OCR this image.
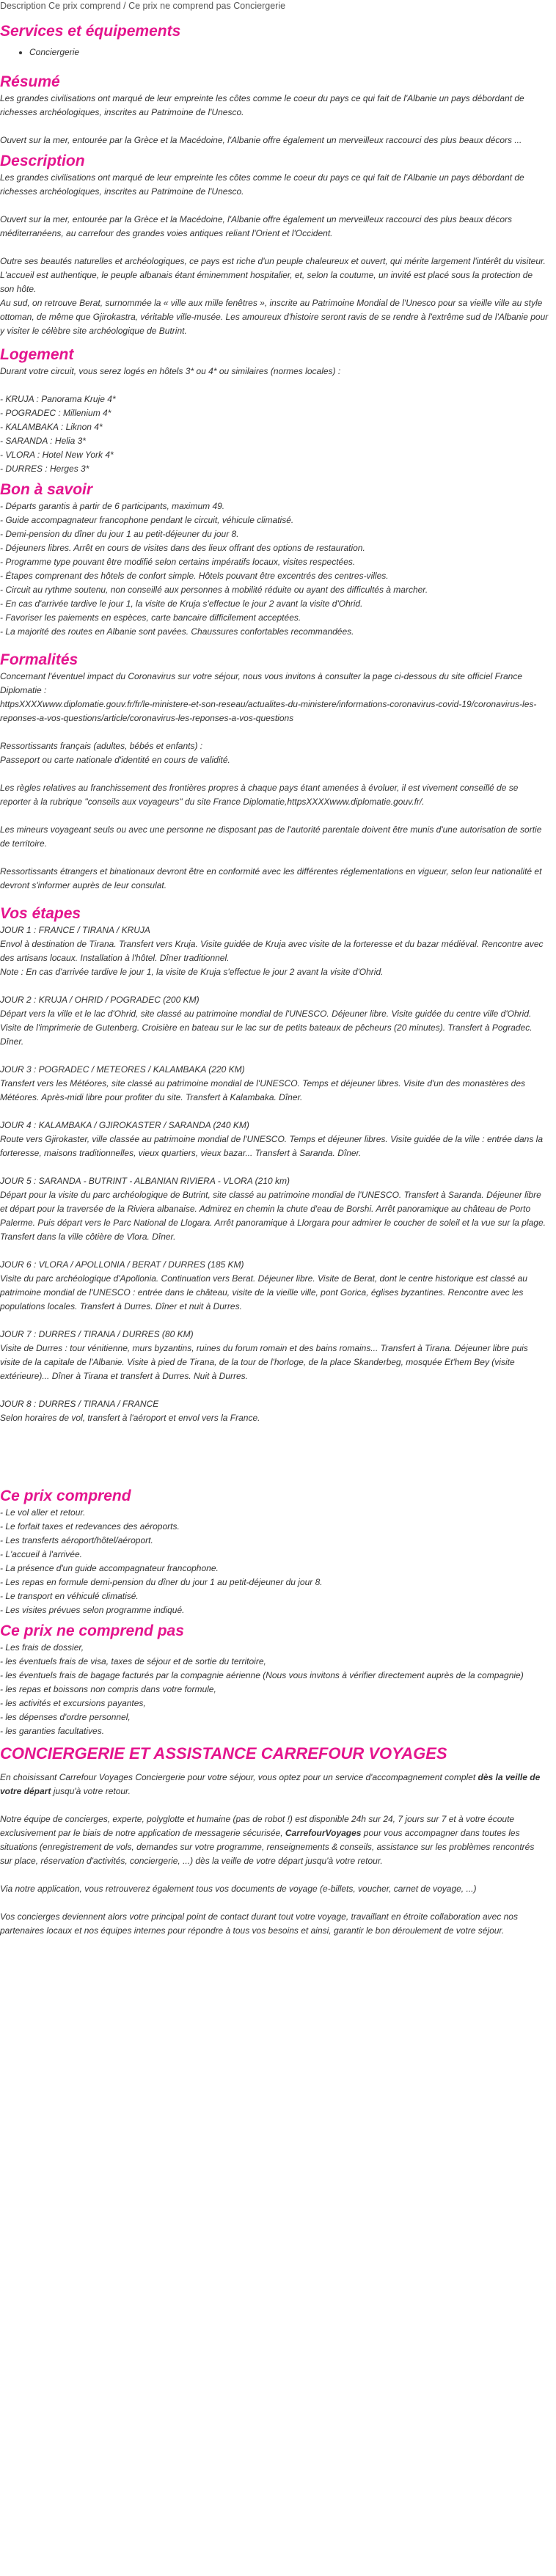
Description Ce prix comprend / Ce prix ne comprend pas Conciergerie
Services et équipements
• Conciergerie
Résumé

Les grandes civilisations ont marqué de leur empreinte les côtes comme le coeur du pays ce qui fait de l'Albanie un pays débordant de richesses archéologiques, inscrites au Patrimoine de l'Unesco.

Ouvert sur la mer, entourée par la Grèce et la Macédoine, l'Albanie offre également un merveilleux raccourci des plus beaux décors ...

Description

Les grandes civilisations ont marqué de leur empreinte les côtes comme le coeur du pays ce qui fait de l'Albanie un pays débordant de richesses archéologiques, inscrites au Patrimoine de l'Unesco.

Ouvert sur la mer, entourée par la Grèce et la Macédoine, l'Albanie offre également un merveilleux raccourci des plus beaux décors méditerranéens, au carrefour des grandes voies antiques reliant l'Orient et l'Occident.

Outre ses beautés naturelles et archéologiques, ce pays est riche d'un peuple chaleureux et ouvert, qui mérite largement l'intérêt du visiteur. L'accueil est authentique, le peuple albanais étant éminemment hospitalier, et, selon la coutume, un invité est placé sous la protection de son hôte.

Au sud, on retrouve Berat, surnommée la « ville aux mille fenêtres », inscrite au Patrimoine Mondial de l'Unesco pour sa vieille ville au style ottoman, de même que Gjirokastra, véritable ville-musée. Les amoureux d'histoire seront ravis de se rendre à l'extrême sud de l'Albanie pour y visiter le célèbre site archéologique de Butrint.

Logement

Durant votre circuit, vous serez logés en hôtels 3* ou 4* ou similaires (normes locales) :

- KRUJA : Panorama Kruje 4*
- POGRADEC : Millenium 4*
- KALAMBAKA : Liknon 4*
- SARANDA : Helia 3*
- VLORA : Hotel New York 4*
- DURRES : Herges 3*
Bon à savoir
- Départs garantis à partir de 6 participants, maximum 49.
- Guide accompagnateur francophone pendant le circuit, véhicule climatisé.
- Demi-pension du dîner du jour 1 au petit-déjeuner du jour 8.
- Déjeuners libres. Arrêt en cours de visites dans des lieux offrant des options de restauration.
- Programme type pouvant être modifié selon certains impératifs locaux, visites respectées.
- Étapes comprenant des hôtels de confort simple. Hôtels pouvant être excentrés des centres-villes.
- Circuit au rythme soutenu, non conseillé aux personnes à mobilité réduite ou ayant des difficultés à marcher.
- En cas d'arrivée tardive le jour 1, la visite de Kruja s'effectue le jour 2 avant la visite d'Ohrid.
- Favoriser les paiements en espèces, carte bancaire difficilement acceptées.
- La majorité des routes en Albanie sont pavées. Chaussures confortables recommandées.
Formalités

Concernant l'éventuel impact du Coronavirus sur votre séjour, nous vous invitons à consulter la page ci-dessous du site officiel France Diplomatie :

httpsXXXXwww.diplomatie.gouv.fr/fr/le-ministere-et-son-reseau/actualites-du-ministere/informations-coronavirus-covid-19/coronavirus-les-reponses-a-vos-questions/article/coronavirus-les-reponses-a-vos-questions

Ressortissants français (adultes, bébés et enfants) :

Passeport ou carte nationale d'identité en cours de validité.

Les règles relatives au franchissement des frontières propres à chaque pays étant amenées à évoluer, il est vivement conseillé de se reporter à la rubrique "conseils aux voyageurs" du site France Diplomatie,httpsXXXXwww.diplomatie.gouv.fr/.

Les mineurs voyageant seuls ou avec une personne ne disposant pas de l'autorité parentale doivent être munis d'une autorisation de sortie de territoire.

Ressortissants étrangers et binationaux devront être en conformité avec les différentes réglementations en vigueur, selon leur nationalité et devront s'informer auprès de leur consulat.

Vos étapes

JOUR 1 : FRANCE / TIRANA / KRUJA

Envol à destination de Tirana. Transfert vers Kruja. Visite guidée de Kruja avec visite de la forteresse et du bazar médiéval. Rencontre avec des artisans locaux. Installation à l'hôtel. Dîner traditionnel.

Note : En cas d'arrivée tardive le jour 1, la visite de Kruja s'effectue le jour 2 avant la visite d'Ohrid.

JOUR 2 : KRUJA / OHRID / POGRADEC (200 KM)

Départ vers la ville et le lac d'Ohrid, site classé au patrimoine mondial de l'UNESCO. Déjeuner libre. Visite guidée du centre ville d'Ohrid. Visite de l'imprimerie de Gutenberg. Croisière en bateau sur le lac sur de petits bateaux de pêcheurs (20 minutes). Transfert à Pogradec. Dîner.

JOUR 3 : POGRADEC / METEORES / KALAMBAKA (220 KM)

Transfert vers les Météores, site classé au patrimoine mondial de l'UNESCO. Temps et déjeuner libres. Visite d'un des monastères des Météores. Après-midi libre pour profiter du site. Transfert à Kalambaka. Dîner.

JOUR 4 : KALAMBAKA / GJIROKASTER / SARANDA (240 KM)

Route vers Gjirokaster, ville classée au patrimoine mondial de l'UNESCO. Temps et déjeuner libres. Visite guidée de la ville : entrée dans la forteresse, maisons traditionnelles, vieux quartiers, vieux bazar... Transfert à Saranda. Dîner.

JOUR 5 : SARANDA - BUTRINT - ALBANIAN RIVIERA - VLORA (210 km)

Départ pour la visite du parc archéologique de Butrint, site classé au patrimoine mondial de l'UNESCO. Transfert à Saranda. Déjeuner libre et départ pour la traversée de la Riviera albanaise. Admirez en chemin la chute d'eau de Borshi. Arrêt panoramique au château de Porto Palerme. Puis départ vers le Parc National de Llogara. Arrêt panoramique à Llorgara pour admirer le coucher de soleil et la vue sur la plage. Transfert dans la ville côtière de Vlora. Dîner.

JOUR 6 : VLORA / APOLLONIA / BERAT / DURRES (185 KM)

Visite du parc archéologique d'Apollonia. Continuation vers Berat. Déjeuner libre. Visite de Berat, dont le centre historique est classé au patrimoine mondial de l'UNESCO : entrée dans le château, visite de la vieille ville, pont Gorica, églises byzantines. Rencontre avec les populations locales. Transfert à Durres. Dîner et nuit à Durres.

JOUR 7 : DURRES / TIRANA / DURRES (80 KM)

Visite de Durres : tour vénitienne, murs byzantins, ruines du forum romain et des bains romains... Transfert à Tirana. Déjeuner libre puis visite de la capitale de l'Albanie. Visite à pied de Tirana, de la tour de l'horloge, de la place Skanderbeg, mosquée Et'hem Bey (visite extérieure)... Dîner à Tirana et transfert à Durres. Nuit à Durres.

JOUR 8 : DURRES / TIRANA / FRANCE

Selon horaires de vol, transfert à l'aéroport et envol vers la France.

Ce prix comprend
- Le vol aller et retour.
- Le forfait taxes et redevances des aéroports.
- Les transferts aéroport/hôtel/aéroport.
- L'accueil à l'arrivée.
- La présence d'un guide accompagnateur francophone.
- Les repas en formule demi-pension du dîner du jour 1 au petit-déjeuner du jour 8.
- Le transport en véhiculé climatisé.
- Les visites prévues selon programme indiqué.
Ce prix ne comprend pas
- Les frais de dossier,
- les éventuels frais de visa, taxes de séjour et de sortie du territoire,
- les éventuels frais de bagage facturés par la compagnie aérienne (Nous vous invitons à vérifier directement auprès de la compagnie)
- les repas et boissons non compris dans votre formule,
- les activités et excursions payantes,
- les dépenses d'ordre personnel,
- les garanties facultatives.
CONCIERGERIE ET ASSISTANCE CARREFOUR VOYAGES

En choisissant Carrefour Voyages Conciergerie pour votre séjour, vous optez pour un service d'accompagnement complet dès la veille de votre départ jusqu'à votre retour.

Notre équipe de concierges, experte, polyglotte et humaine (pas de robot !) est disponible 24h sur 24, 7 jours sur 7 et à votre écoute exclusivement par le biais de notre application de messagerie sécurisée, CarrefourVoyages pour vous accompagner dans toutes les situations (enregistrement de vols, demandes sur votre programme, renseignements & conseils, assistance sur les problèmes rencontrés sur place, réservation d'activités, conciergerie, ...) dès la veille de votre départ jusqu'à votre retour.

Via notre application, vous retrouverez également tous vos documents de voyage (e-billets, voucher, carnet de voyage, ...)

Vos concierges deviennent alors votre principal point de contact durant tout votre voyage, travaillant en étroite collaboration avec nos partenaires locaux et nos équipes internes pour répondre à tous vos besoins et ainsi, garantir le bon déroulement de votre séjour.
